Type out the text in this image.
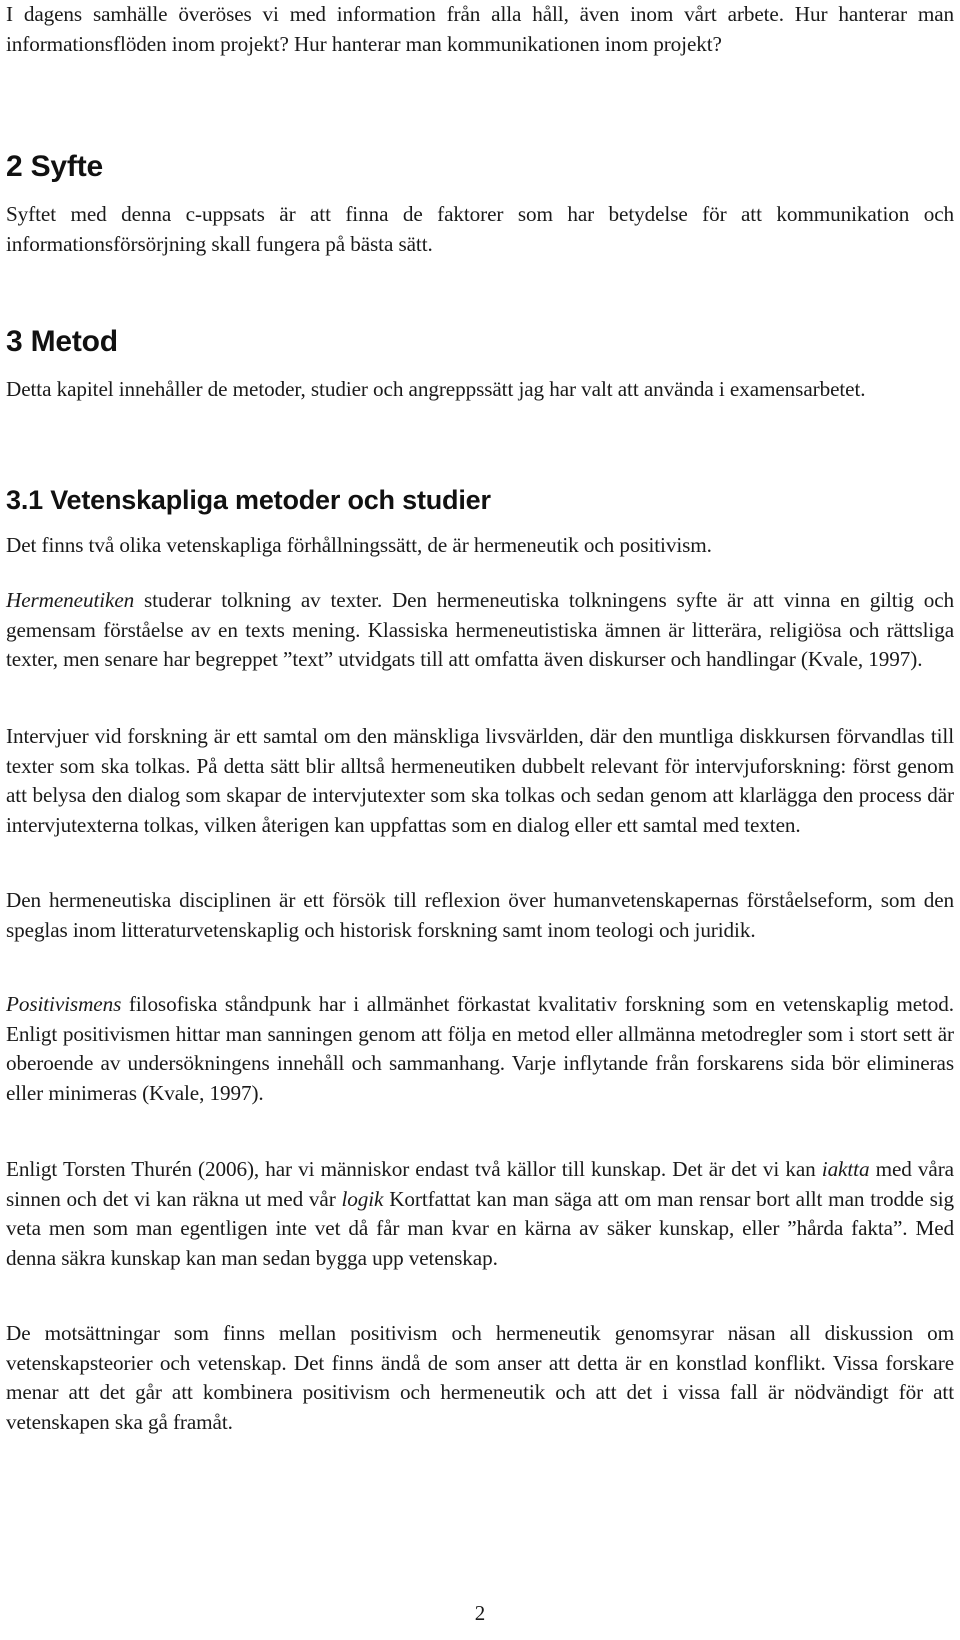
I dagens samhälle överöses vi med information från alla håll, även inom vårt arbete. Hur hanterar man informationsflöden inom projekt? Hur hanterar man kommunikationen inom projekt?

2 Syfte

Syftet med denna c-uppsats är att finna de faktorer som har betydelse för att kommunikation och informationsförsörjning skall fungera på bästa sätt.

3 Metod

Detta kapitel innehåller de metoder, studier och angreppssätt jag har valt att använda i examensarbetet.

3.1 Vetenskapliga metoder och studier

Det finns två olika vetenskapliga förhållningssätt, de är hermeneutik och positivism.

Hermeneutiken studerar tolkning av texter. Den hermeneutiska tolkningens syfte är att vinna en giltig och gemensam förståelse av en texts mening. Klassiska hermeneutistiska ämnen är litterära, religiösa och rättsliga texter, men senare har begreppet ”text” utvidgats till att omfatta även diskurser och handlingar (Kvale, 1997).

Intervjuer vid forskning är ett samtal om den mänskliga livsvärlden, där den muntliga diskkursen förvandlas till texter som ska tolkas. På detta sätt blir alltså hermeneutiken dubbelt relevant för intervjuforskning: först genom att belysa den dialog som skapar de intervjutexter som ska tolkas och sedan genom att klarlägga den process där intervjutexterna tolkas, vilken återigen kan uppfattas som en dialog eller ett samtal med texten.

Den hermeneutiska disciplinen är ett försök till reflexion över humanvetenskapernas förståelseform, som den speglas inom litteraturvetenskaplig och historisk forskning samt inom teologi och juridik.

Positivismens filosofiska ståndpunk har i allmänhet förkastat kvalitativ forskning som en vetenskaplig metod. Enligt positivismen hittar man sanningen genom att följa en metod eller allmänna metodregler som i stort sett är oberoende av undersökningens innehåll och sammanhang. Varje inflytande från forskarens sida bör elimineras eller minimeras (Kvale, 1997).

Enligt Torsten Thurén (2006), har vi människor endast två källor till kunskap. Det är det vi kan iaktta med våra sinnen och det vi kan räkna ut med vår logik Kortfattat kan man säga att om man rensar bort allt man trodde sig veta men som man egentligen inte vet då får man kvar en kärna av säker kunskap, eller ”hårda fakta”. Med denna säkra kunskap kan man sedan bygga upp vetenskap.

De motsättningar som finns mellan positivism och hermeneutik genomsyrar näsan all diskussion om vetenskapsteorier och vetenskap. Det finns ändå de som anser att detta är en konstlad konflikt. Vissa forskare menar att det går att kombinera positivism och hermeneutik och att det i vissa fall är nödvändigt för att vetenskapen ska gå framåt.

2
